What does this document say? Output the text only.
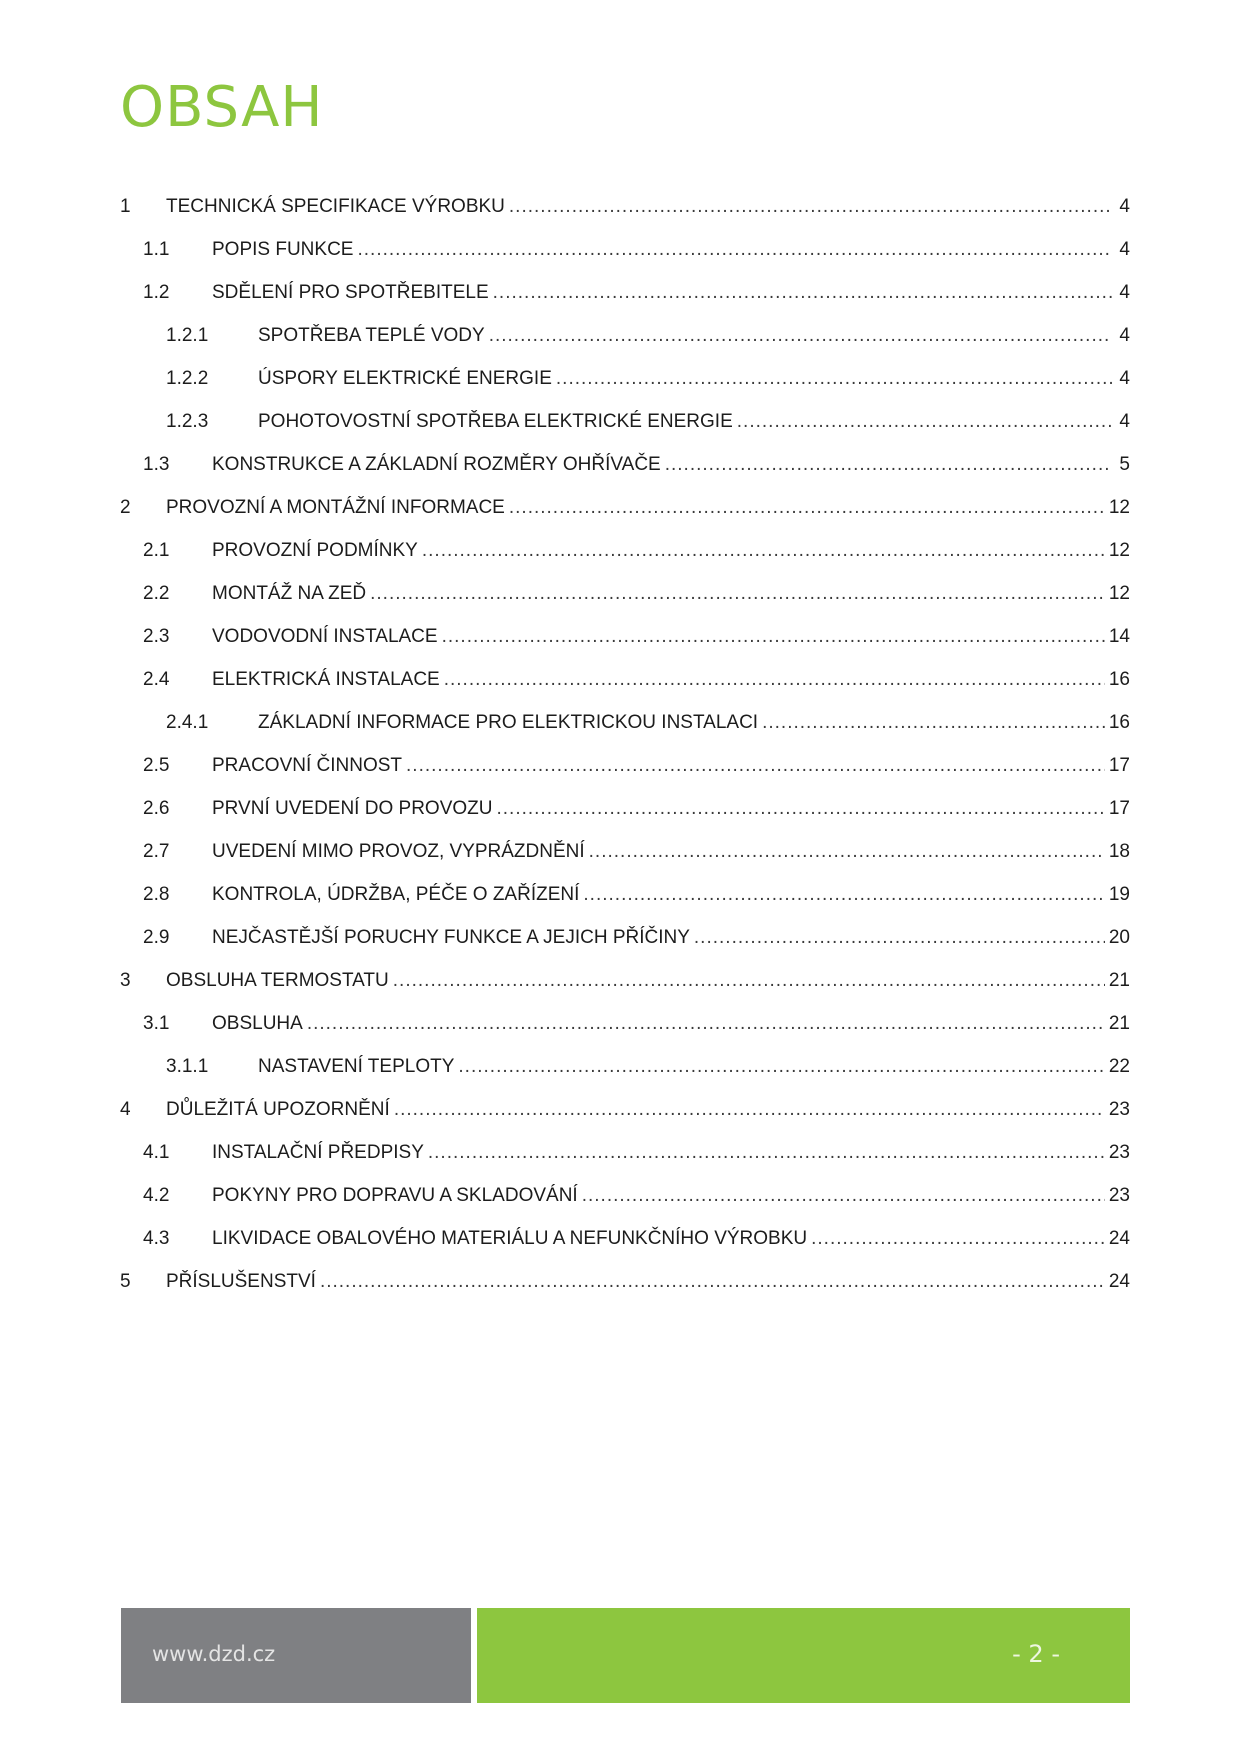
OBSAH
1	TECHNICKÁ SPECIFIKACE VÝROBKU .....	4
1.1	POPIS FUNKCE .....	4
1.2	SDĚLENÍ PRO SPOTŘEBITELE .....	4
1.2.1	SPOTŘEBA TEPLÉ VODY .....	4
1.2.2	ÚSPORY ELEKTRICKÉ ENERGIE .....	4
1.2.3	POHOTOVOSTNÍ SPOTŘEBA ELEKTRICKÉ ENERGIE .....	4
1.3	KONSTRUKCE A ZÁKLADNÍ ROZMĚRY OHŘÍVAČE .....	5
2	PROVOZNÍ A MONTÁŽNÍ INFORMACE .....	12
2.1	PROVOZNÍ PODMÍNKY .....	12
2.2	MONTÁŽ NA ZEĎ .....	12
2.3	VODOVODNÍ INSTALACE .....	14
2.4	ELEKTRICKÁ INSTALACE .....	16
2.4.1	ZÁKLADNÍ INFORMACE PRO ELEKTRICKOU INSTALACI .....	16
2.5	PRACOVNÍ ČINNOST .....	17
2.6	PRVNÍ UVEDENÍ DO PROVOZU .....	17
2.7	UVEDENÍ MIMO PROVOZ, VYPRÁZDNĚNÍ .....	18
2.8	KONTROLA, ÚDRŽBA, PÉČE O ZAŘÍZENÍ .....	19
2.9	NEJČASTĚJŠÍ PORUCHY FUNKCE A JEJICH PŘÍČINY .....	20
3	OBSLUHA TERMOSTATU .....	21
3.1	OBSLUHA .....	21
3.1.1	NASTAVENÍ TEPLOTY .....	22
4	DŮLEŽITÁ UPOZORNĚNÍ .....	23
4.1	INSTALAČNÍ PŘEDPISY .....	23
4.2	POKYNY PRO DOPRAVU A SKLADOVÁNÍ .....	23
4.3	LIKVIDACE OBALOVÉHO MATERIÁLU A NEFUNKČNÍHO VÝROBKU .....	24
5	PŘÍSLUŠENSTVÍ .....	24
www.dzd.cz	- 2 -
